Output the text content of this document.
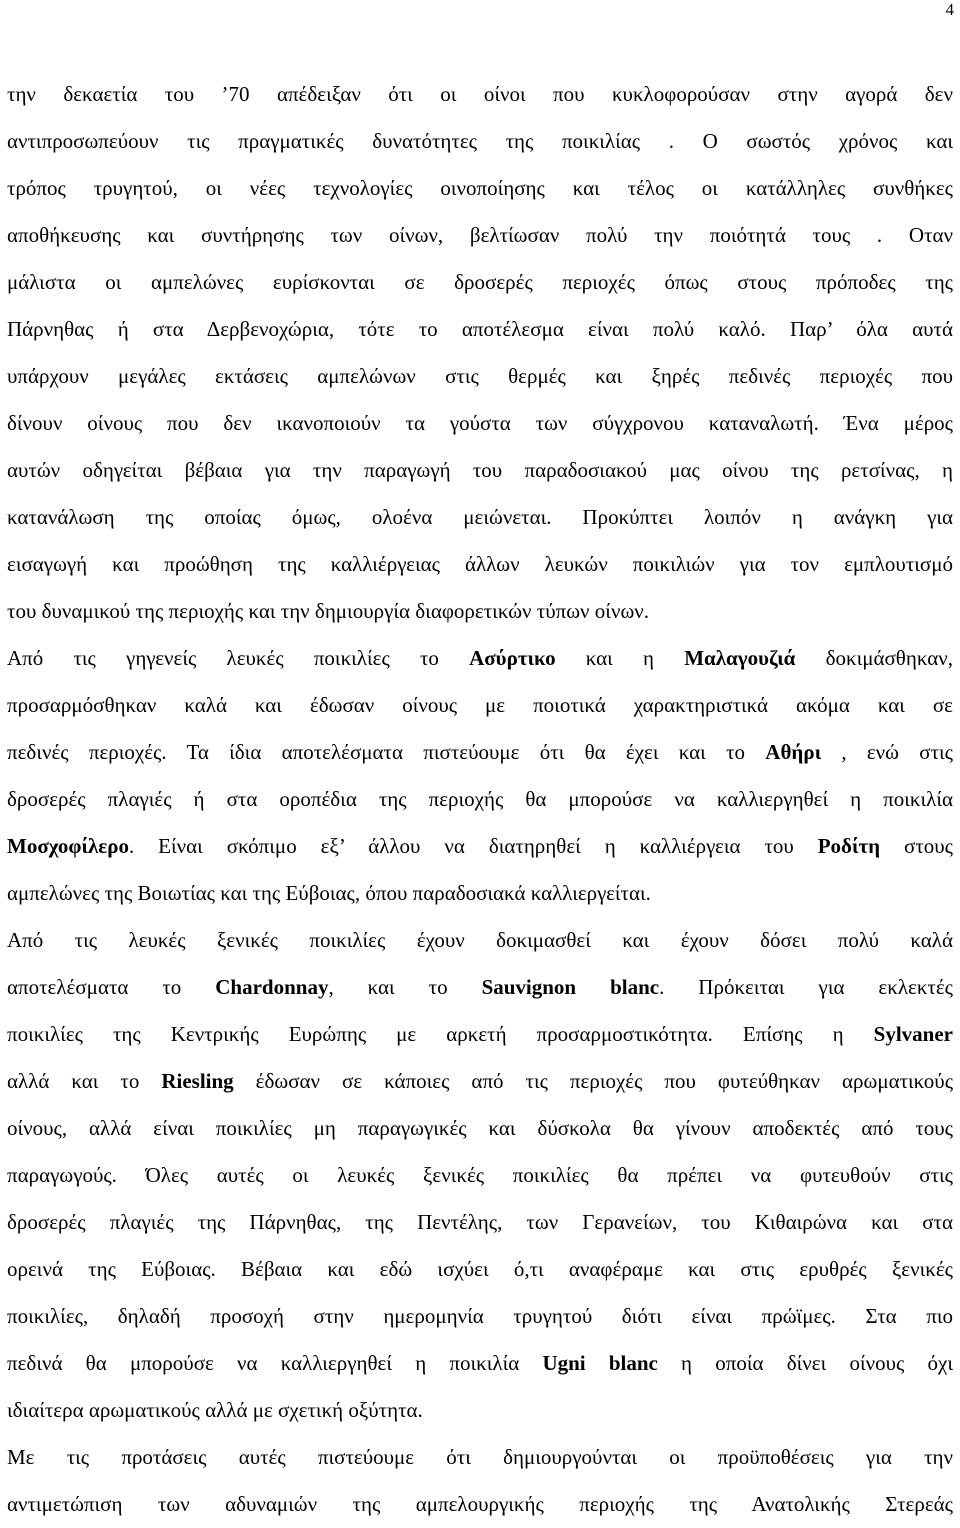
4
την δεκαετία του ’70 απέδειξαν ότι οι οίνοι που κυκλοφορούσαν στην αγορά δεν
αντιπροσωπεύουν τις πραγματικές δυνατότητες της ποικιλίας . Ο σωστός χρόνος και
τρόπος τρυγητού, οι νέες τεχνολογίες οινοποίησης και τέλος οι κατάλληλες συνθήκες
αποθήκευσης και συντήρησης των οίνων, βελτίωσαν πολύ την ποιότητά τους . Οταν
μάλιστα οι αμπελώνες ευρίσκονται σε δροσερές περιοχές όπως στους πρόποδες της
Πάρνηθας ή στα Δερβενοχώρια, τότε το αποτέλεσμα είναι πολύ καλό. Παρ’ όλα αυτά
υπάρχουν μεγάλες εκτάσεις αμπελώνων στις θερμές και ξηρές πεδινές περιοχές που
δίνουν οίνους που δεν ικανοποιούν τα γούστα των σύγχρονου καταναλωτή. Ένα μέρος
αυτών οδηγείται βέβαια για την παραγωγή του παραδοσιακού μας οίνου της ρετσίνας, η
κατανάλωση της οποίας όμως, ολοένα μειώνεται. Προκύπτει λοιπόν η ανάγκη για
εισαγωγή και προώθηση της καλλιέργειας άλλων λευκών ποικιλιών για τον εμπλουτισμό
του δυναμικού της περιοχής και την δημιουργία διαφορετικών τύπων οίνων.
Από τις γηγενείς λευκές ποικιλίες το Ασύρτικο και η Μαλαγουζιά δοκιμάσθηκαν,
προσαρμόσθηκαν καλά και έδωσαν οίνους με ποιοτικά χαρακτηριστικά ακόμα και σε
πεδινές περιοχές. Τα ίδια αποτελέσματα πιστεύουμε ότι θα έχει και το Αθήρι , ενώ στις
δροσερές πλαγιές ή στα οροπέδια της περιοχής θα μπορούσε να καλλιεργηθεί η ποικιλία
Μοσχοφίλερο. Είναι σκόπιμο εξ’ άλλου να διατηρηθεί η καλλιέργεια του Ροδίτη στους
αμπελώνες της Βοιωτίας και της Εύβοιας, όπου παραδοσιακά καλλιεργείται.
Από τις λευκές ξενικές ποικιλίες έχουν δοκιμασθεί και έχουν δόσει πολύ καλά
αποτελέσματα το Chardonnay, και το Sauvignon blanc. Πρόκειται για εκλεκτές
ποικιλίες της Κεντρικής Ευρώπης με αρκετή προσαρμοστικότητα. Επίσης η Sylvaner
αλλά και το Riesling έδωσαν σε κάποιες από τις περιοχές που φυτεύθηκαν αρωματικούς
οίνους, αλλά είναι ποικιλίες μη παραγωγικές και δύσκολα θα γίνουν αποδεκτές από τους
παραγωγούς. Όλες αυτές οι λευκές ξενικές ποικιλίες θα πρέπει να φυτευθούν στις
δροσερές πλαγιές της Πάρνηθας, της Πεντέλης, των Γερανείων, του Κιθαιρώνα και στα
ορεινά της Εύβοιας. Βέβαια και εδώ ισχύει ό,τι αναφέραμε και στις ερυθρές ξενικές
ποικιλίες, δηλαδή προσοχή στην ημερομηνία τρυγητού διότι είναι πρώϊμες. Στα πιο
πεδινά θα μπορούσε να καλλιεργηθεί η ποικιλία Ugni blanc η οποία δίνει οίνους όχι
ιδιαίτερα αρωματικούς αλλά με σχετική οξύτητα.
Με τις προτάσεις αυτές πιστεύουμε ότι δημιουργούνται οι προϋποθέσεις για την
αντιμετώπιση των αδυναμιών της αμπελουργικής περιοχής της Ανατολικής Στερεάς
